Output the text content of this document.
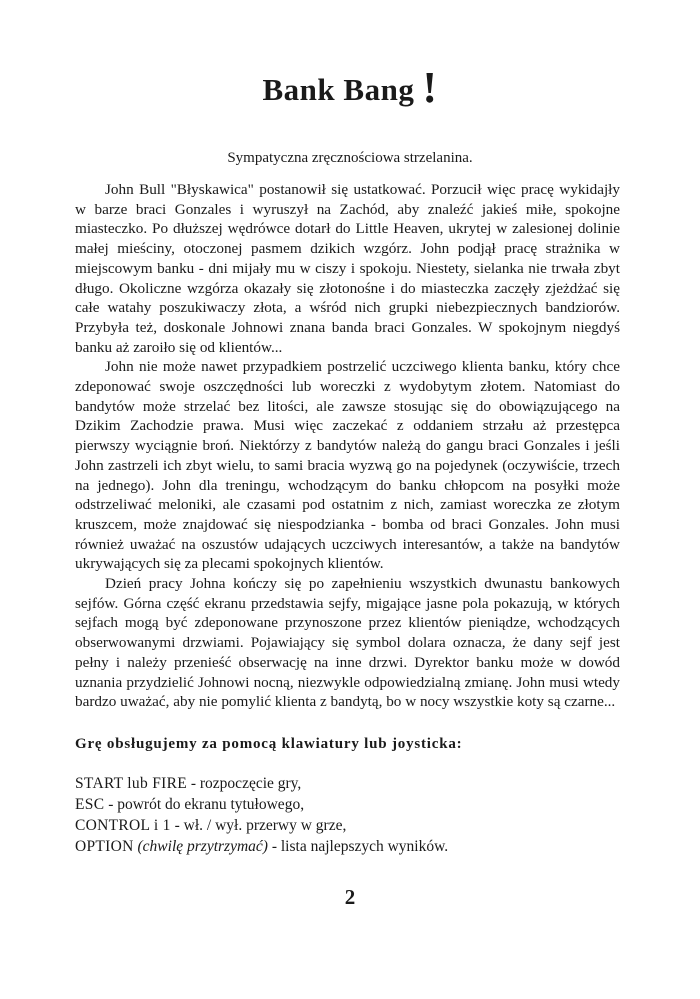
Bank Bang !
Sympatyczna zręcznościowa strzelanina.

John Bull "Błyskawica" postanowił się ustatkować. Porzucił więc pracę wykidajły w barze braci Gonzales i wyruszył na Zachód, aby znaleźć jakieś miłe, spokojne miasteczko. Po dłuższej wędrówce dotarł do Little Heaven, ukrytej w zalesionej dolinie małej mieściny, otoczonej pasmem dzikich wzgórz. John podjął pracę strażnika w miejscowym banku - dni mijały mu w ciszy i spokoju. Niestety, sielanka nie trwała zbyt długo. Okoliczne wzgórza okazały się złotonośne i do miasteczka zaczęły zjeżdżać się całe watahy poszukiwaczy złota, a wśród nich grupki niebezpiecznych bandziorów. Przybyła też, doskonale Johnowi znana banda braci Gonzales. W spokojnym niegdyś banku aż zaroiło się od klientów...

John nie może nawet przypadkiem postrzelić uczciwego klienta banku, który chce zdeponować swoje oszczędności lub woreczki z wydobytym złotem. Natomiast do bandytów może strzelać bez litości, ale zawsze stosując się do obowiązującego na Dzikim Zachodzie prawa. Musi więc zaczekać z oddaniem strzału aż przestępca pierwszy wyciągnie broń. Niektórzy z bandytów należą do gangu braci Gonzales i jeśli John zastrzeli ich zbyt wielu, to sami bracia wyzwą go na pojedynek (oczywiście, trzech na jednego). John dla treningu, wchodzącym do banku chłopcom na posyłki może odstrzeliwać meloniki, ale czasami pod ostatnim z nich, zamiast woreczka ze złotym kruszcem, może znajdować się niespodzianka - bomba od braci Gonzales. John musi również uważać na oszustów udających uczciwych interesantów, a także na bandytów ukrywających się za plecami spokojnych klientów.

Dzień pracy Johna kończy się po zapełnieniu wszystkich dwunastu bankowych sejfów. Górna część ekranu przedstawia sejfy, migające jasne pola pokazują, w których sejfach mogą być zdeponowane przynoszone przez klientów pieniądze, wchodzących obserwowanymi drzwiami. Pojawiający się symbol dolara oznacza, że dany sejf jest pełny i należy przenieść obserwację na inne drzwi. Dyrektor banku może w dowód uznania przydzielić Johnowi nocną, niezwykle odpowiedzialną zmianę. John musi wtedy bardzo uważać, aby nie pomylić klienta z bandytą, bo w nocy wszystkie koty są czarne...

Grę obsługujemy za pomocą klawiatury lub joysticka:
START lub FIRE - rozpoczęcie gry,
ESC - powrót do ekranu tytułowego,
CONTROL i 1 - wł. / wył. przerwy w grze,
OPTION (chwilę przytrzymać) - lista najlepszych wyników.
2
